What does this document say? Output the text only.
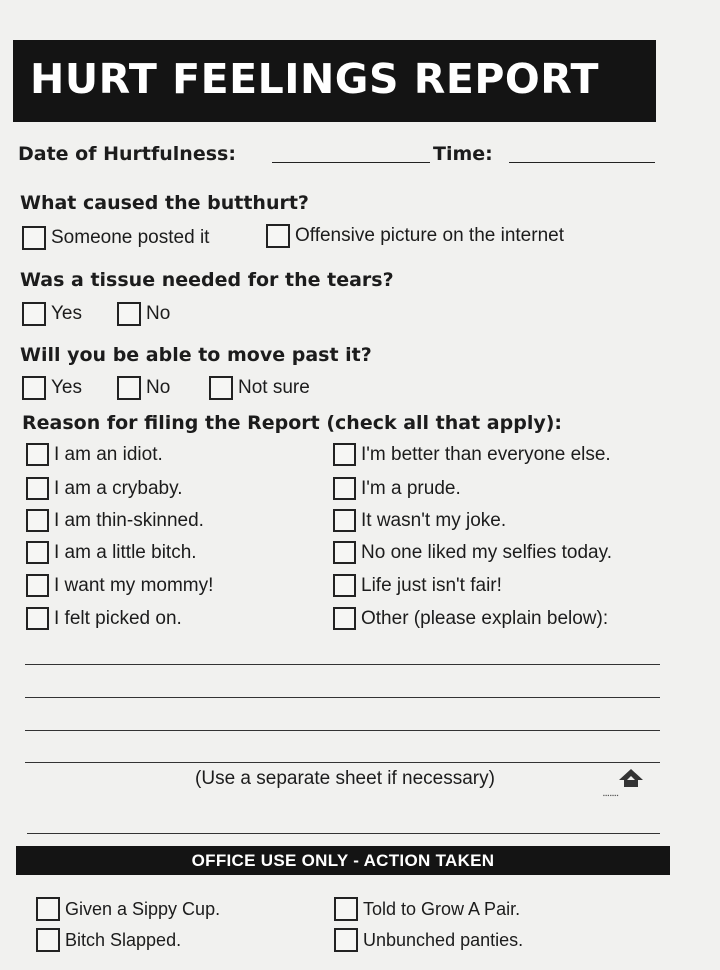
HURT FEELINGS REPORT
Date of Hurtfulness:	Time:
What caused the butthurt?
Someone posted it	Offensive picture on the internet
Was a tissue needed for the tears?
Yes	No
Will you be able to move past it?
Yes	No	Not sure
Reason for filing the Report (check all that apply):
I am an idiot.
I am a crybaby.
I am thin-skinned.
I am a little bitch.
I want my mommy!
I felt picked on.
I'm better than everyone else.
I'm a prude.
It wasn't my joke.
No one liked my selfies today.
Life just isn't fair!
Other (please explain below):
(Use a separate sheet if necessary)
▪▪▪▪▪▪▪
OFFICE USE ONLY - ACTION TAKEN
Given a Sippy Cup.
Bitch Slapped.
Told to Grow A Pair.
Unbunched panties.
